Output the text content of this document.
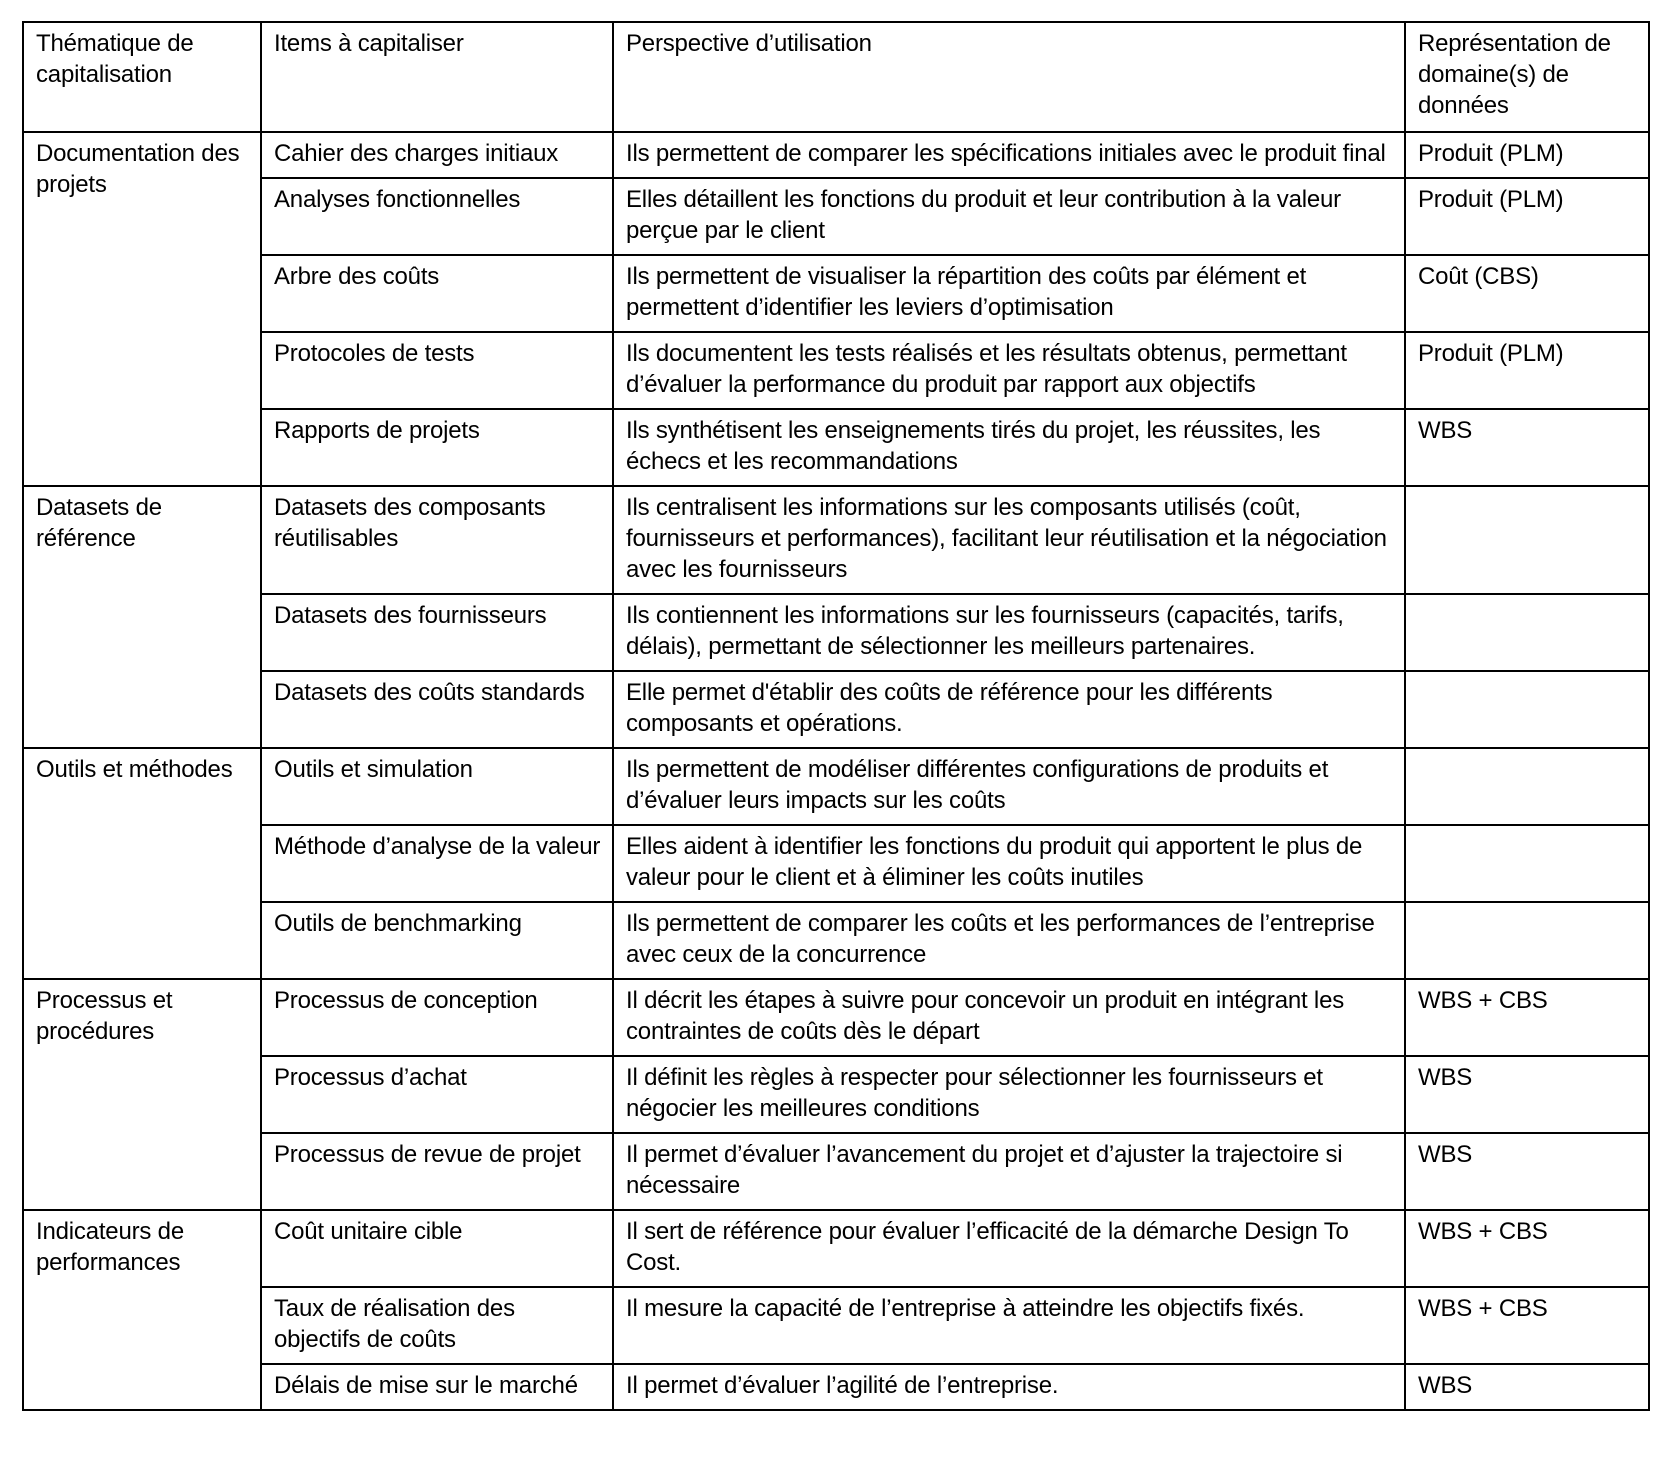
Thématique de capitalisation	Items à capitaliser	Perspective d’utilisation	Représentation de domaine(s) de données
Documentation des projets	Cahier des charges initiaux	Ils permettent de comparer les spécifications initiales avec le produit final	Produit (PLM)
	Analyses fonctionnelles	Elles détaillent les fonctions du produit et leur contribution à la valeur perçue par le client	Produit (PLM)
	Arbre des coûts	Ils permettent de visualiser la répartition des coûts par élément et permettent d’identifier les leviers d’optimisation	Coût (CBS)
	Protocoles de tests	Ils documentent les tests réalisés et les résultats obtenus, permettant d’évaluer la performance du produit par rapport aux objectifs	Produit (PLM)
	Rapports de projets	Ils synthétisent les enseignements tirés du projet, les réussites, les échecs et les recommandations	WBS
Datasets de référence	Datasets des composants réutilisables	Ils centralisent les informations sur les composants utilisés (coût, fournisseurs et performances), facilitant leur réutilisation et la négociation avec les fournisseurs	
	Datasets des fournisseurs	Ils contiennent les informations sur les fournisseurs (capacités, tarifs, délais), permettant de sélectionner les meilleurs partenaires.	
	Datasets des coûts standards	Elle permet d'établir des coûts de référence pour les différents composants et opérations.	
Outils et méthodes	Outils et simulation	Ils permettent de modéliser différentes configurations de produits et d’évaluer leurs impacts sur les coûts	
	Méthode d’analyse de la valeur	Elles aident à identifier les fonctions du produit qui apportent le plus de valeur pour le client et à éliminer les coûts inutiles	
	Outils de benchmarking	Ils permettent de comparer les coûts et les performances de l’entreprise avec ceux de la concurrence	
Processus et procédures	Processus de conception	Il décrit les étapes à suivre pour concevoir un produit en intégrant les contraintes de coûts dès le départ	WBS + CBS
	Processus d’achat	Il définit les règles à respecter pour sélectionner les fournisseurs et négocier les meilleures conditions	WBS
	Processus de revue de projet	Il permet d’évaluer l’avancement du projet et d’ajuster la trajectoire si nécessaire	WBS
Indicateurs de performances	Coût unitaire cible	Il sert de référence pour évaluer l’efficacité de la démarche Design To Cost.	WBS + CBS
	Taux de réalisation des objectifs de coûts	Il mesure la capacité de l’entreprise à atteindre les objectifs fixés.	WBS + CBS
	Délais de mise sur le marché	Il permet d’évaluer l’agilité de l’entreprise.	WBS
